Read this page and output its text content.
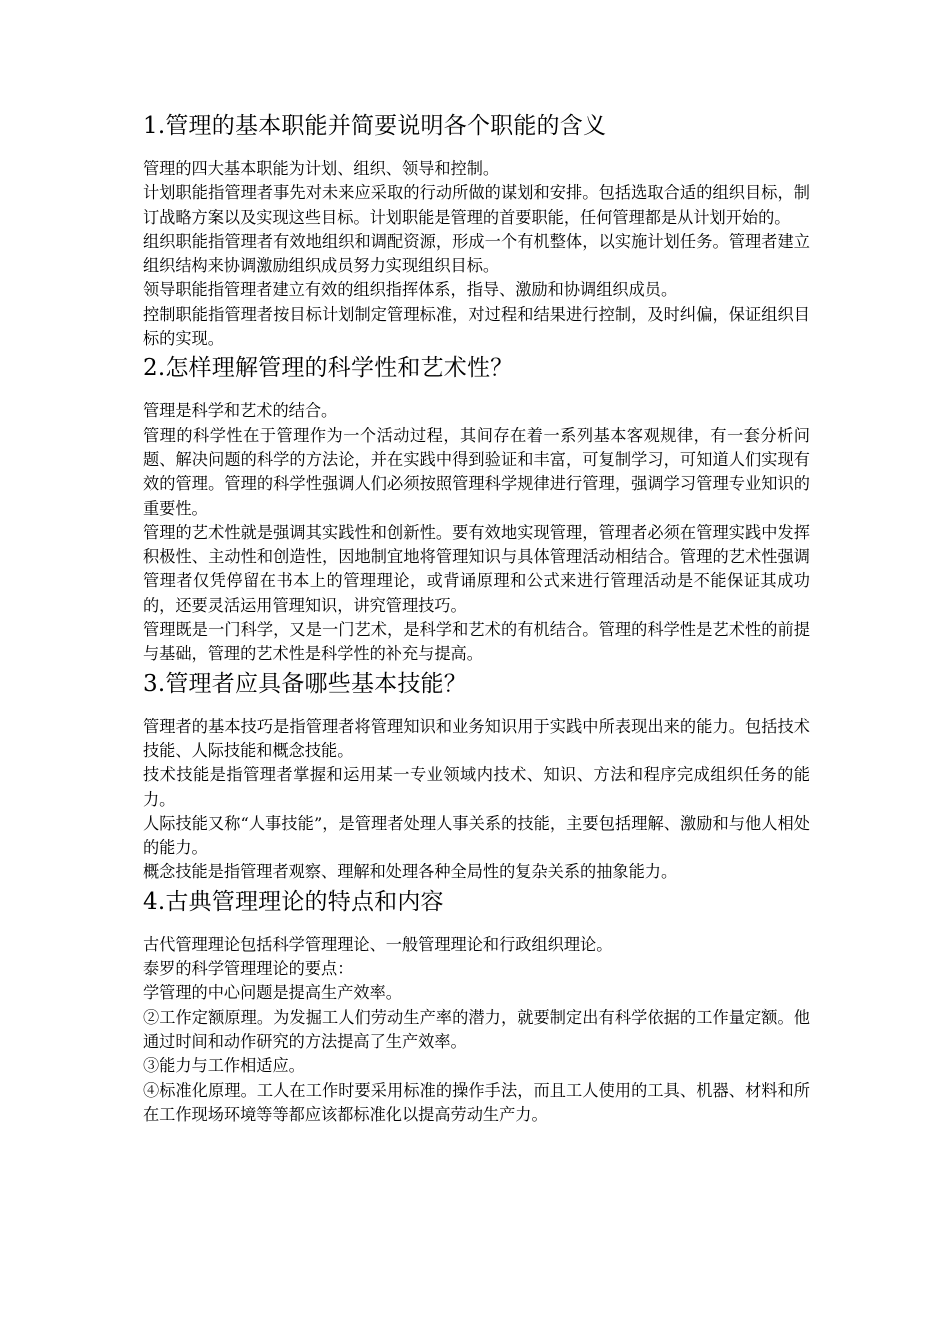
1.管理的基本职能并简要说明各个职能的含义

管理的四大基本职能为计划、组织、领导和控制。

计划职能指管理者事先对未来应采取的行动所做的谋划和安排。包括选取合适的组织目标，制订战略方案以及实现这些目标。计划职能是管理的首要职能，任何管理都是从计划开始的。

组织职能指管理者有效地组织和调配资源，形成一个有机整体，以实施计划任务。管理者建立组织结构来协调激励组织成员努力实现组织目标。

领导职能指管理者建立有效的组织指挥体系，指导、激励和协调组织成员。

控制职能指管理者按目标计划制定管理标准，对过程和结果进行控制，及时纠偏，保证组织目标的实现。

2.怎样理解管理的科学性和艺术性？

管理是科学和艺术的结合。

管理的科学性在于管理作为一个活动过程，其间存在着一系列基本客观规律，有一套分析问题、解决问题的科学的方法论，并在实践中得到验证和丰富，可复制学习，可知道人们实现有效的管理。管理的科学性强调人们必须按照管理科学规律进行管理，强调学习管理专业知识的重要性。

管理的艺术性就是强调其实践性和创新性。要有效地实现管理，管理者必须在管理实践中发挥积极性、主动性和创造性，因地制宜地将管理知识与具体管理活动相结合。管理的艺术性强调管理者仅凭停留在书本上的管理理论，或背诵原理和公式来进行管理活动是不能保证其成功的，还要灵活运用管理知识，讲究管理技巧。

管理既是一门科学，又是一门艺术，是科学和艺术的有机结合。管理的科学性是艺术性的前提与基础，管理的艺术性是科学性的补充与提高。

3.管理者应具备哪些基本技能？

管理者的基本技巧是指管理者将管理知识和业务知识用于实践中所表现出来的能力。包括技术技能、人际技能和概念技能。

技术技能是指管理者掌握和运用某一专业领域内技术、知识、方法和程序完成组织任务的能力。

人际技能又称“人事技能”，是管理者处理人事关系的技能，主要包括理解、激励和与他人相处的能力。

概念技能是指管理者观察、理解和处理各种全局性的复杂关系的抽象能力。

4.古典管理理论的特点和内容

古代管理理论包括科学管理理论、一般管理理论和行政组织理论。

泰罗的科学管理理论的要点：

学管理的中心问题是提高生产效率。

②工作定额原理。为发掘工人们劳动生产率的潜力，就要制定出有科学依据的工作量定额。他通过时间和动作研究的方法提高了生产效率。

③能力与工作相适应。

④标准化原理。工人在工作时要采用标准的操作手法，而且工人使用的工具、机器、材料和所在工作现场环境等等都应该都标准化以提高劳动生产力。
